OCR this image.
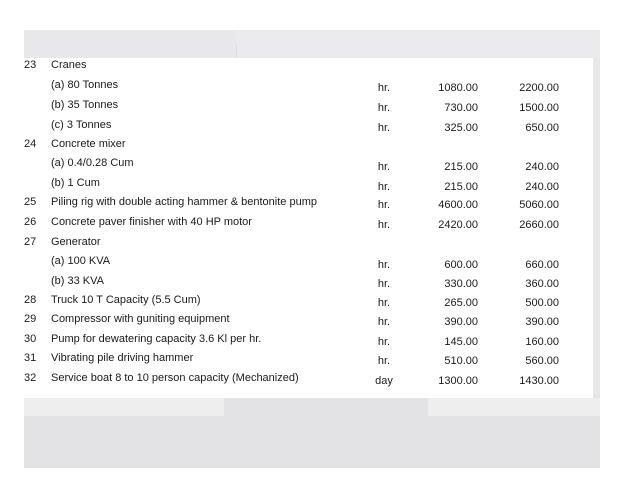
23	Cranes
(a) 80 Tonnes	hr.	1080.00	2200.00
(b) 35 Tonnes	hr.	730.00	1500.00
(c) 3 Tonnes	hr.	325.00	650.00
24	Concrete mixer
(a) 0.4/0.28 Cum	hr.	215.00	240.00
(b) 1 Cum	hr.	215.00	240.00
25	Piling rig with double acting hammer & bentonite pump	hr.	4600.00	5060.00
26	Concrete paver finisher with 40 HP motor	hr.	2420.00	2660.00
27	Generator
(a) 100 KVA	hr.	600.00	660.00
(b) 33 KVA	hr.	330.00	360.00
28	Truck 10 T Capacity (5.5 Cum)	hr.	265.00	500.00
29	Compressor with guniting equipment	hr.	390.00	390.00
30	Pump for dewatering capacity 3.6 Kl per hr.	hr.	145.00	160.00
31	Vibrating pile driving hammer	hr.	510.00	560.00
32	Service boat 8 to 10 person capacity (Mechanized)	day	1300.00	1430.00
